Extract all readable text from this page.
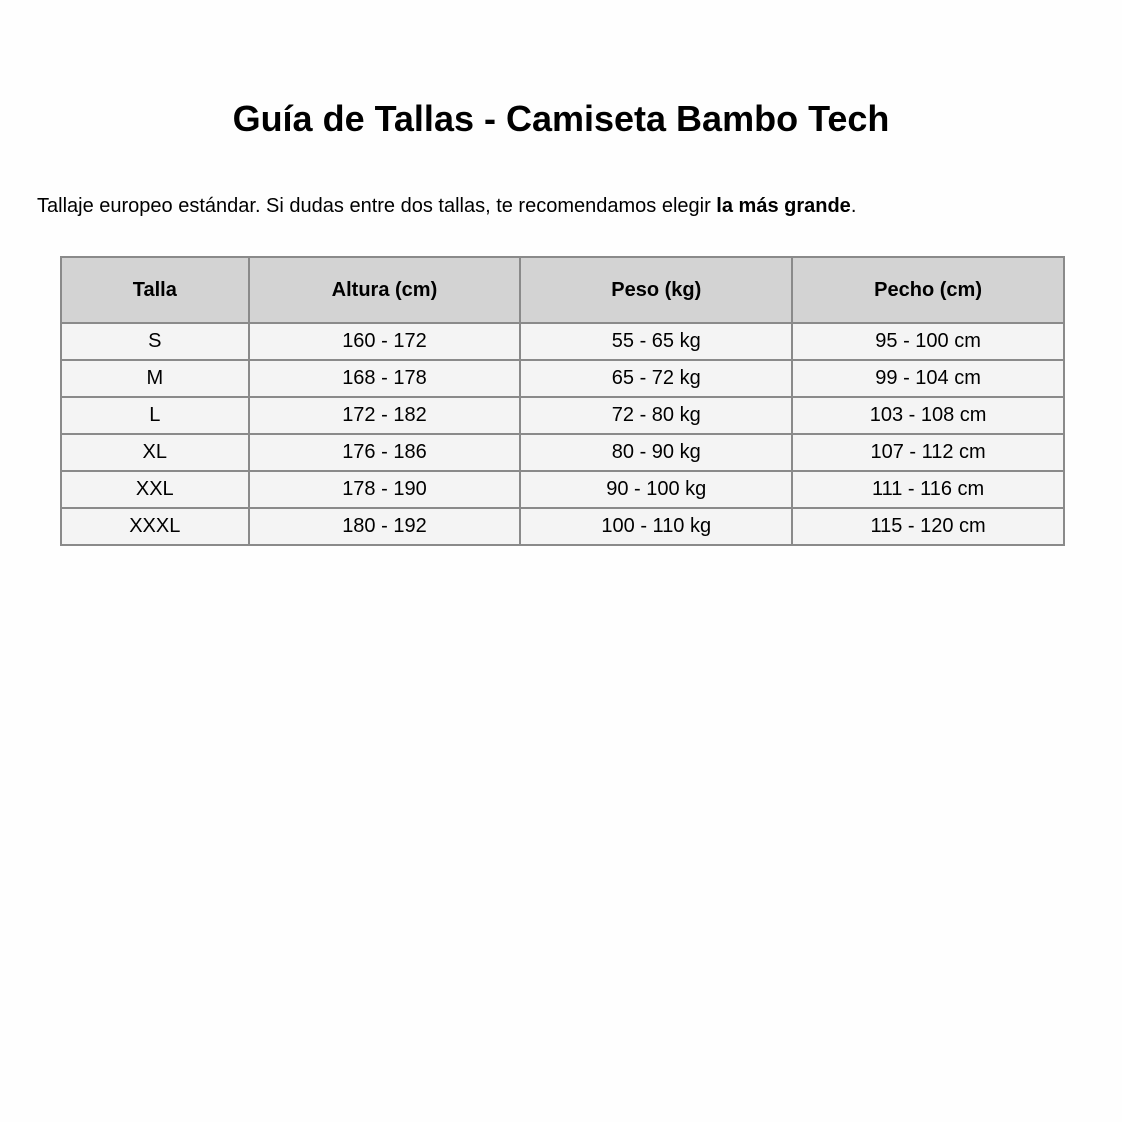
Guía de Tallas - Camiseta Bambo Tech

Tallaje europeo estándar. Si dudas entre dos tallas, te recomendamos elegir la más grande.

Talla	Altura (cm)	Peso (kg)	Pecho (cm)
S	160 - 172	55 - 65 kg	95 - 100 cm
M	168 - 178	65 - 72 kg	99 - 104 cm
L	172 - 182	72 - 80 kg	103 - 108 cm
XL	176 - 186	80 - 90 kg	107 - 112 cm
XXL	178 - 190	90 - 100 kg	111 - 116 cm
XXXL	180 - 192	100 - 110 kg	115 - 120 cm
